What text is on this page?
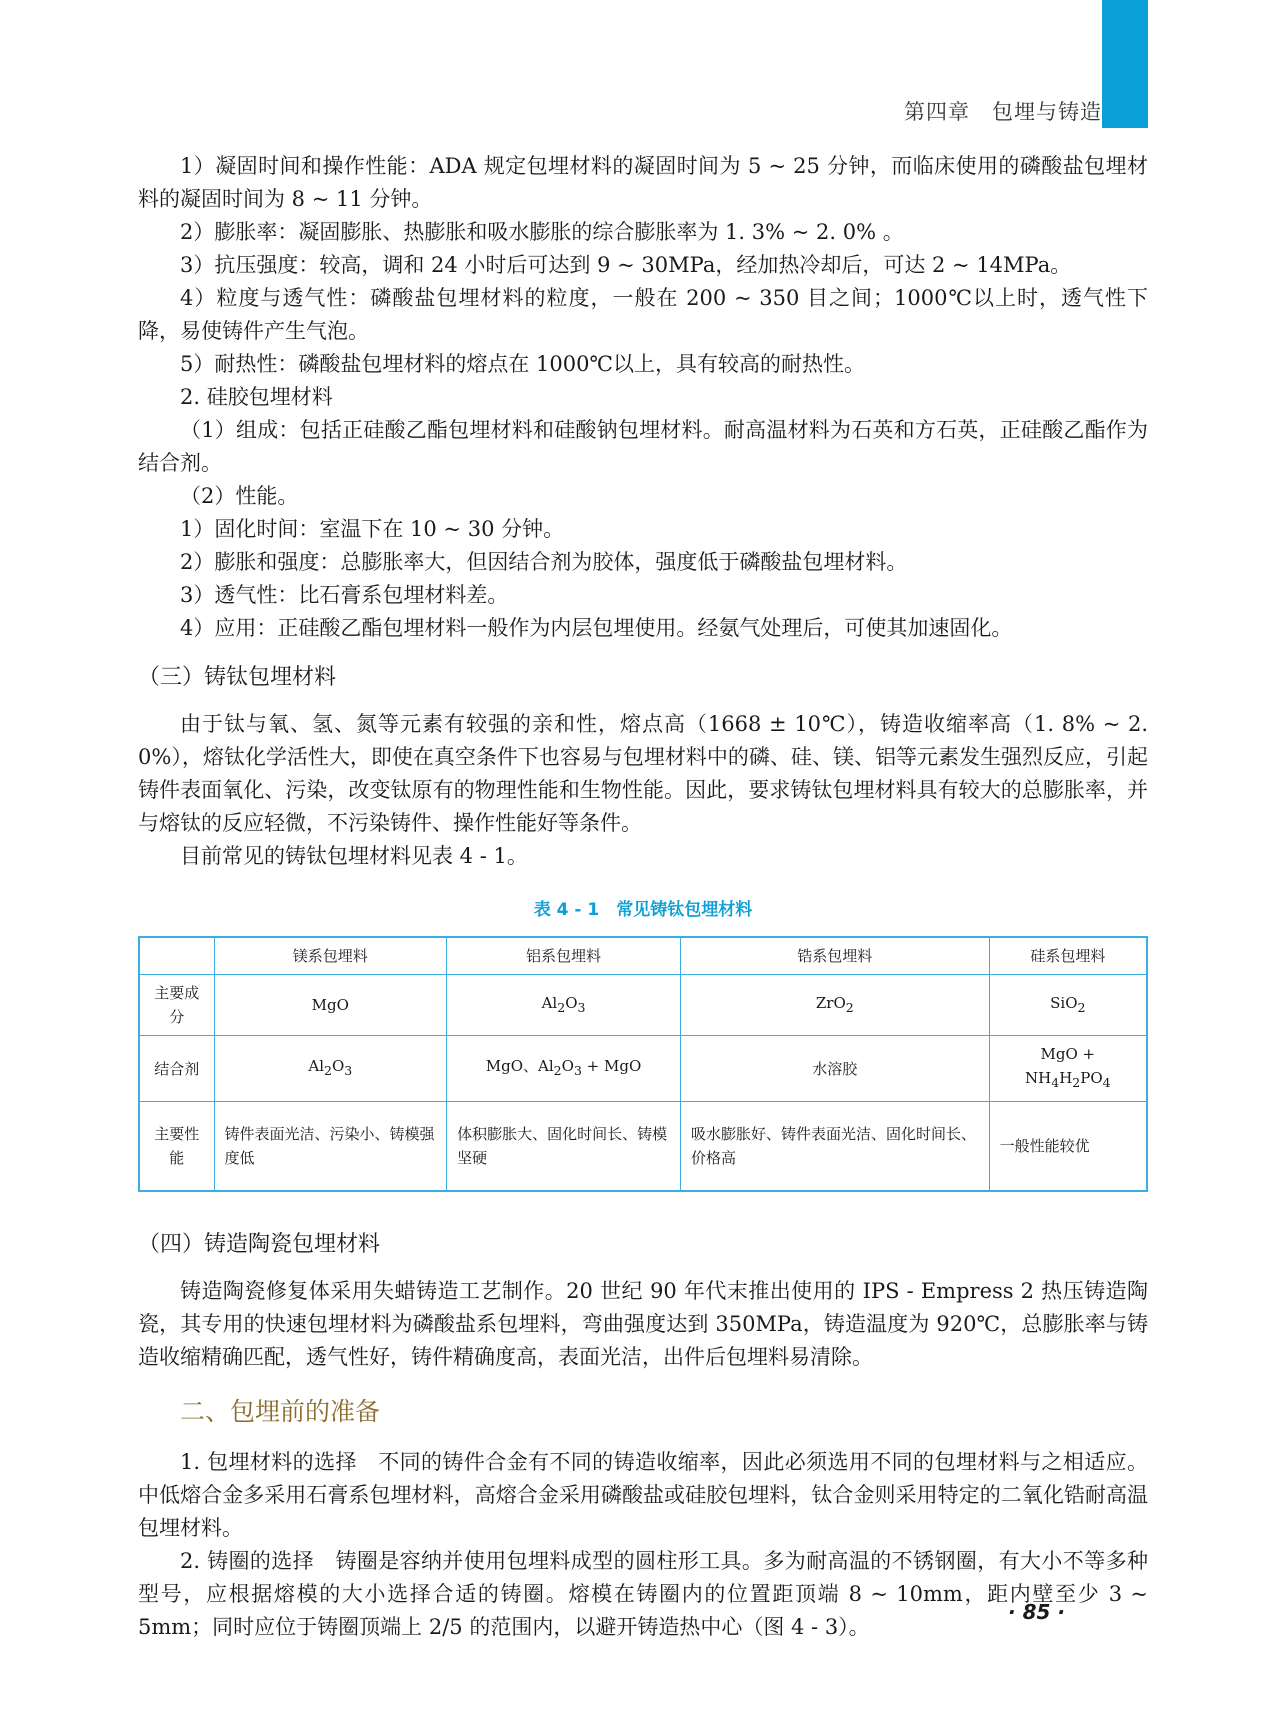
第四章　包埋与铸造

1）凝固时间和操作性能：ADA 规定包埋材料的凝固时间为 5 ~ 25 分钟，而临床使用的磷酸盐包埋材料的凝固时间为 8 ~ 11 分钟。

2）膨胀率：凝固膨胀、热膨胀和吸水膨胀的综合膨胀率为 1. 3% ~ 2. 0% 。

3）抗压强度：较高，调和 24 小时后可达到 9 ~ 30MPa，经加热冷却后，可达 2 ~ 14MPa。

4）粒度与透气性：磷酸盐包埋材料的粒度，一般在 200 ~ 350 目之间；1000℃以上时，透气性下降，易使铸件产生气泡。

5）耐热性：磷酸盐包埋材料的熔点在 1000℃以上，具有较高的耐热性。

2. 硅胶包埋材料

（1）组成：包括正硅酸乙酯包埋材料和硅酸钠包埋材料。耐高温材料为石英和方石英，正硅酸乙酯作为结合剂。

（2）性能。

1）固化时间：室温下在 10 ~ 30 分钟。

2）膨胀和强度：总膨胀率大，但因结合剂为胶体，强度低于磷酸盐包埋材料。

3）透气性：比石膏系包埋材料差。

4）应用：正硅酸乙酯包埋材料一般作为内层包埋使用。经氨气处理后，可使其加速固化。

（三）铸钛包埋材料

由于钛与氧、氢、氮等元素有较强的亲和性，熔点高（1668 ± 10℃），铸造收缩率高（1. 8% ~ 2. 0%），熔钛化学活性大，即使在真空条件下也容易与包埋材料中的磷、硅、镁、铝等元素发生强烈反应，引起铸件表面氧化、污染，改变钛原有的物理性能和生物性能。因此，要求铸钛包埋材料具有较大的总膨胀率，并与熔钛的反应轻微，不污染铸件、操作性能好等条件。

目前常见的铸钛包埋材料见表 4 - 1。

表 4 - 1　常见铸钛包埋材料
	镁系包埋料	铝系包埋料	锆系包埋料	硅系包埋料
主要成分	MgO	$Al_2O_3$	ZrO$_2$	SiO$_2$
结合剂	$Al_2O_3$	MgO、$Al_2O_3$ + MgO	水溶胶	MgO + $NH_4H_2PO_4$
主要性能	铸件表面光洁、污染小、铸模强度低	体积膨胀大、固化时间长、铸模坚硬	吸水膨胀好、铸件表面光洁、固化时间长、价格高	一般性能较优
（四）铸造陶瓷包埋材料

铸造陶瓷修复体采用失蜡铸造工艺制作。20 世纪 90 年代末推出使用的 IPS - Empress 2 热压铸造陶瓷，其专用的快速包埋材料为磷酸盐系包埋料，弯曲强度达到 350MPa，铸造温度为 920℃，总膨胀率与铸造收缩精确匹配，透气性好，铸件精确度高，表面光洁，出件后包埋料易清除。

二、包埋前的准备

1. 包埋材料的选择　不同的铸件合金有不同的铸造收缩率，因此必须选用不同的包埋材料与之相适应。中低熔合金多采用石膏系包埋材料，高熔合金采用磷酸盐或硅胶包埋料，钛合金则采用特定的二氧化锆耐高温包埋材料。

2. 铸圈的选择　铸圈是容纳并使用包埋料成型的圆柱形工具。多为耐高温的不锈钢圈，有大小不等多种型号，应根据熔模的大小选择合适的铸圈。熔模在铸圈内的位置距顶端 8 ~ 10mm，距内壁至少 3 ~ 5mm；同时应位于铸圈顶端上 2/5 的范围内，以避开铸造热中心（图 4 - 3）。

· 85 ·
